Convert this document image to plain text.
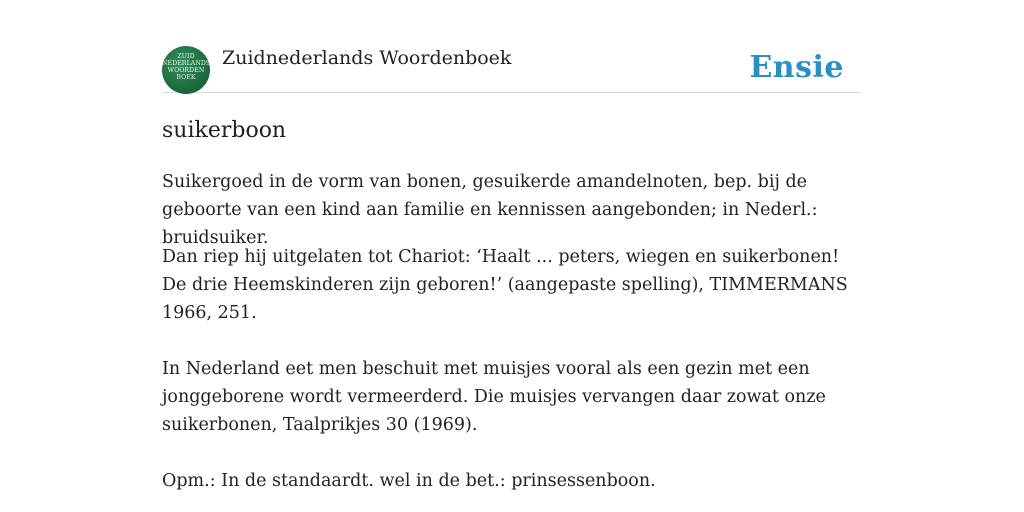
ZUID
NEDERLANDS
WOORDEN
BOEK
Zuidnederlands Woordenboek	Ensie
suikerboon

Suikergoed in de vorm van bonen, gesuikerde amandelnoten, bep. bij de geboorte van een kind aan familie en kennissen aangebonden; in Nederl.: bruidsuiker.

Dan riep hij uitgelaten tot Chariot: ‘Haalt ... peters, wiegen en suikerbonen! De drie Heemskinderen zijn geboren!’ (aangepaste spelling), TIMMERMANS 1966, 251.

In Nederland eet men beschuit met muisjes vooral als een gezin met een jonggeborene wordt vermeerderd. Die muisjes vervangen daar zowat onze suikerbonen, Taalprikjes 30 (1969).

Opm.: In de standaardt. wel in de bet.: prinsessenboon.
